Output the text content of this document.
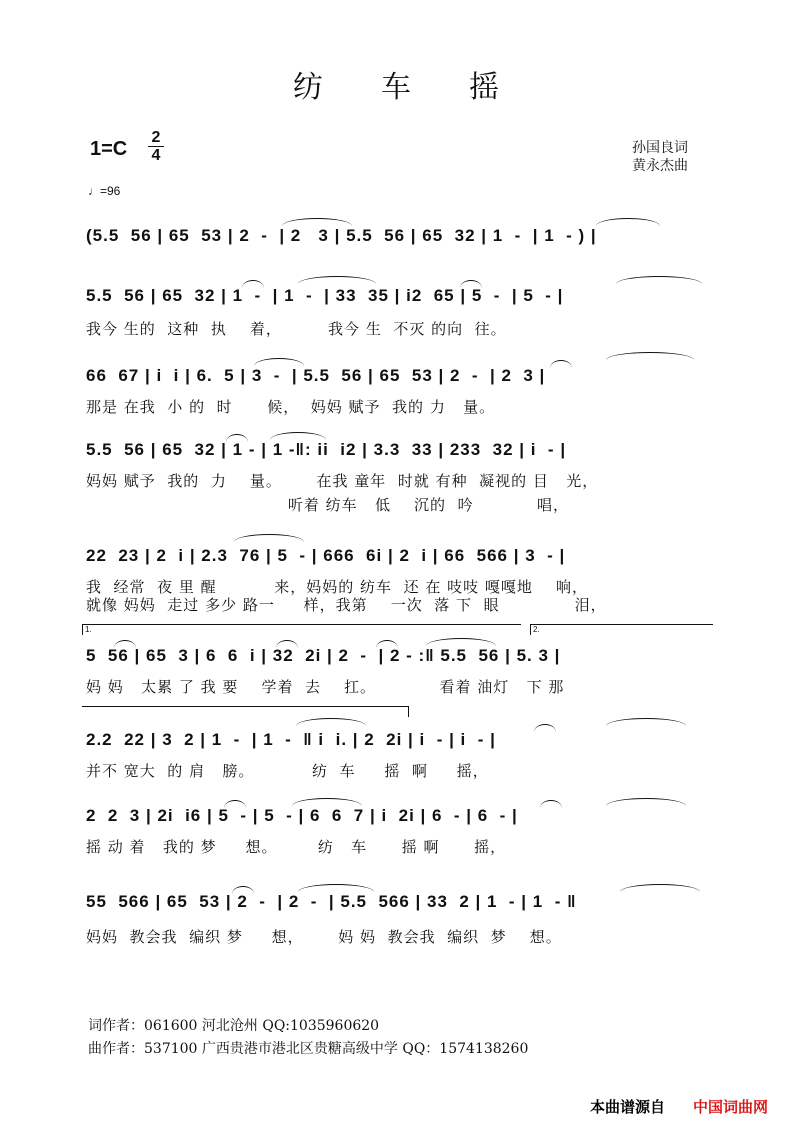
纺车摇
1=C
2
4	孙国良词
黄永杰曲
♩=96
(5.5  56 | 65  53 | 2  -  | 2   3 | 5.5  56 | 65  32 | 1  -  | 1  - ) |
5.5  56 | 65  32 | 1  -  | 1  -  | 33  35 | i2  65 | 5  -  | 5  - |
我今 生的  这种  执    着，        我今 生  不灭 的向  往。
66  67 | i  i | 6.  5 | 3  -  | 5.5  56 | 65  53 | 2  -  | 2  3 |
那是 在我  小 的  时      候，  妈妈 赋予  我的 力   量。
5.5  56 | 65  32 | 1 - | 1 -‖: ii  i2 | 3.3  33 | 233  32 | i  - |
妈妈 赋予  我的  力    量。      在我 童年  时就 有种  凝视的 目   光，
听着 纺车   低    沉的  吟           唱，
22  23 | 2  i | 2.3  76 | 5  - | 666  6i | 2  i | 66  566 | 3  - |
我  经常  夜 里 醒          来，妈妈的 纺车  还 在 吱吱 嘎嘎地    响，
就像 妈妈  走过 多少 路一     样，我第    一次  落 下  眼             泪，
1.	2.
5  56 | 65  3 | 6  6  i | 32  2i | 2  -  | 2 - :‖ 5.5  56 | 5. 3 |
妈 妈   太累 了 我 要    学着  去    扛。           看着 油灯   下 那
2.2  22 | 3  2 | 1  -  | 1  -  ‖ i  i. | 2  2i | i  - | i  - |
并不 宽大  的 肩   膀。          纺  车     摇  啊     摇，
2  2  3 | 2i  i6 | 5  - | 5  - | 6  6  7 | i  2i | 6  - | 6  - |
摇 动 着   我的 梦     想。       纺   车      摇 啊      摇，
55  566 | 65  53 | 2  -  | 2  -  | 5.5  566 | 33  2 | 1  - | 1  - ‖
妈妈  教会我  编织 梦     想，      妈 妈  教会我  编织  梦    想。
词作者：061600 河北沧州 QQ:1035960620
曲作者：537100 广西贵港市港北区贵糖高级中学 QQ：1574138260
本曲谱源自 中国词曲网
